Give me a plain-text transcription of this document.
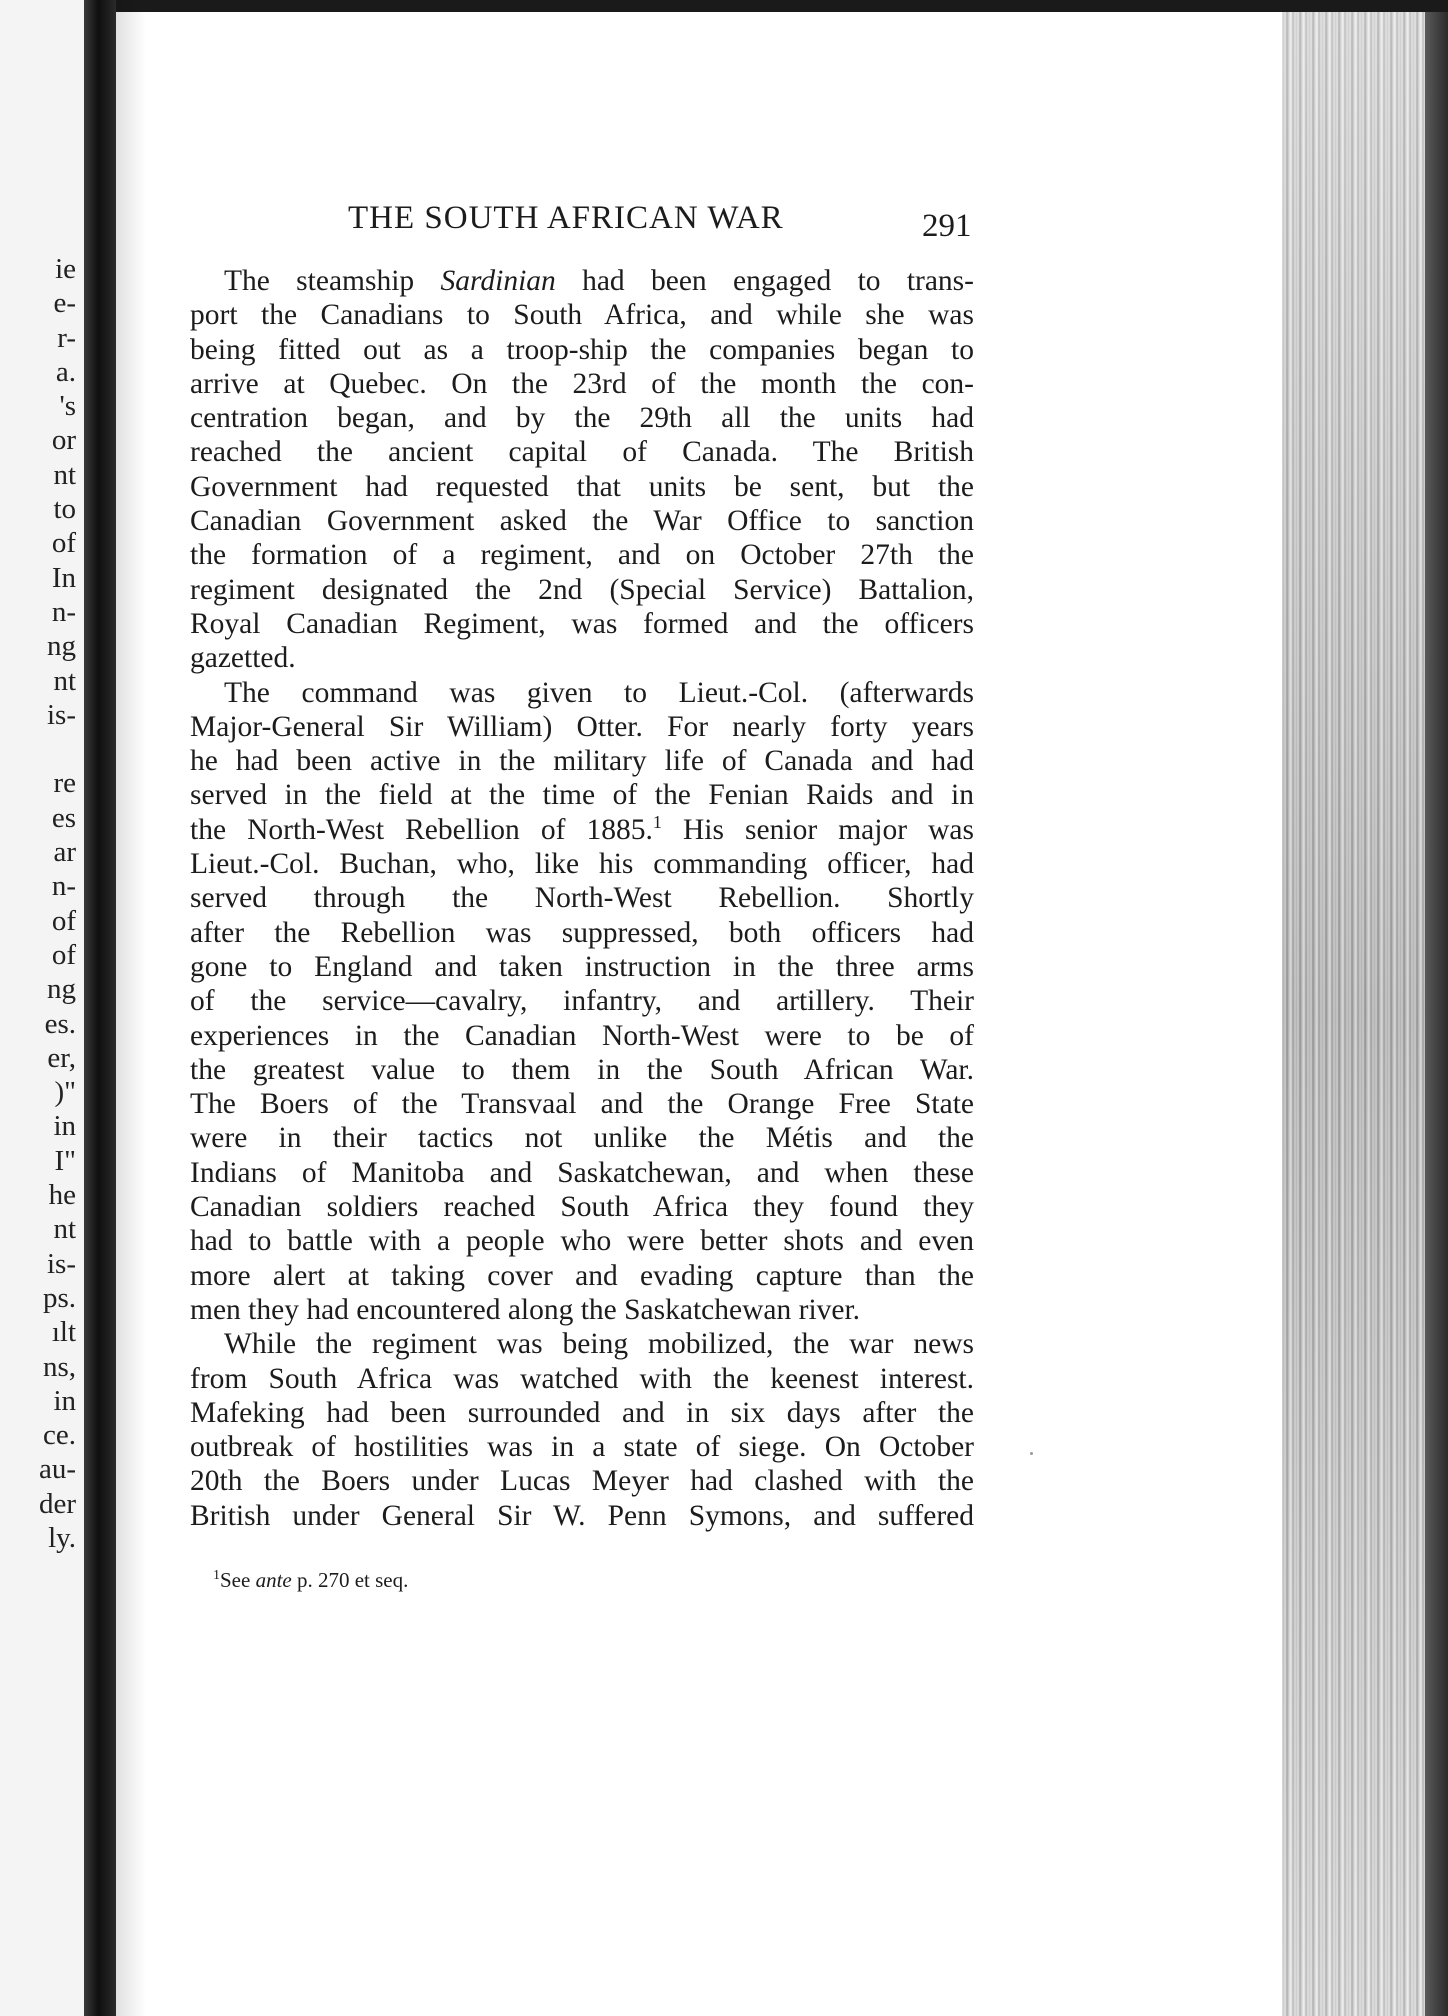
ie
e-
r-
a.
's
or
nt
to
of
In
n-
ng
nt
is-
re
es
ar
n-
of
of
ng
es.
er,
)"
in
I"
he
nt
is-
ps.
ılt
ns,
in
ce.
au-
der
ly.
THE SOUTH AFRICAN WAR	291
The steamship Sardinian had been engaged to trans-
port the Canadians to South Africa, and while she was
being fitted out as a troop-ship the companies began to
arrive at Quebec. On the 23rd of the month the con-
centration began, and by the 29th all the units had
reached the ancient capital of Canada. The British
Government had requested that units be sent, but the
Canadian Government asked the War Office to sanction
the formation of a regiment, and on October 27th the
regiment designated the 2nd (Special Service) Battalion,
Royal Canadian Regiment, was formed and the officers
gazetted.
The command was given to Lieut.-Col. (afterwards
Major-General Sir William) Otter. For nearly forty years
he had been active in the military life of Canada and had
served in the field at the time of the Fenian Raids and in
the North-West Rebellion of 1885.$^1$ His senior major was
Lieut.-Col. Buchan, who, like his commanding officer, had
served through the North-West Rebellion. Shortly
after the Rebellion was suppressed, both officers had
gone to England and taken instruction in the three arms
of the service—cavalry, infantry, and artillery. Their
experiences in the Canadian North-West were to be of
the greatest value to them in the South African War.
The Boers of the Transvaal and the Orange Free State
were in their tactics not unlike the Métis and the
Indians of Manitoba and Saskatchewan, and when these
Canadian soldiers reached South Africa they found they
had to battle with a people who were better shots and even
more alert at taking cover and evading capture than the
men they had encountered along the Saskatchewan river.
While the regiment was being mobilized, the war news
from South Africa was watched with the keenest interest.
Mafeking had been surrounded and in six days after the
outbreak of hostilities was in a state of siege. On October
20th the Boers under Lucas Meyer had clashed with the
British under General Sir W. Penn Symons, and suffered
$^1$See ante p. 270 et seq.
